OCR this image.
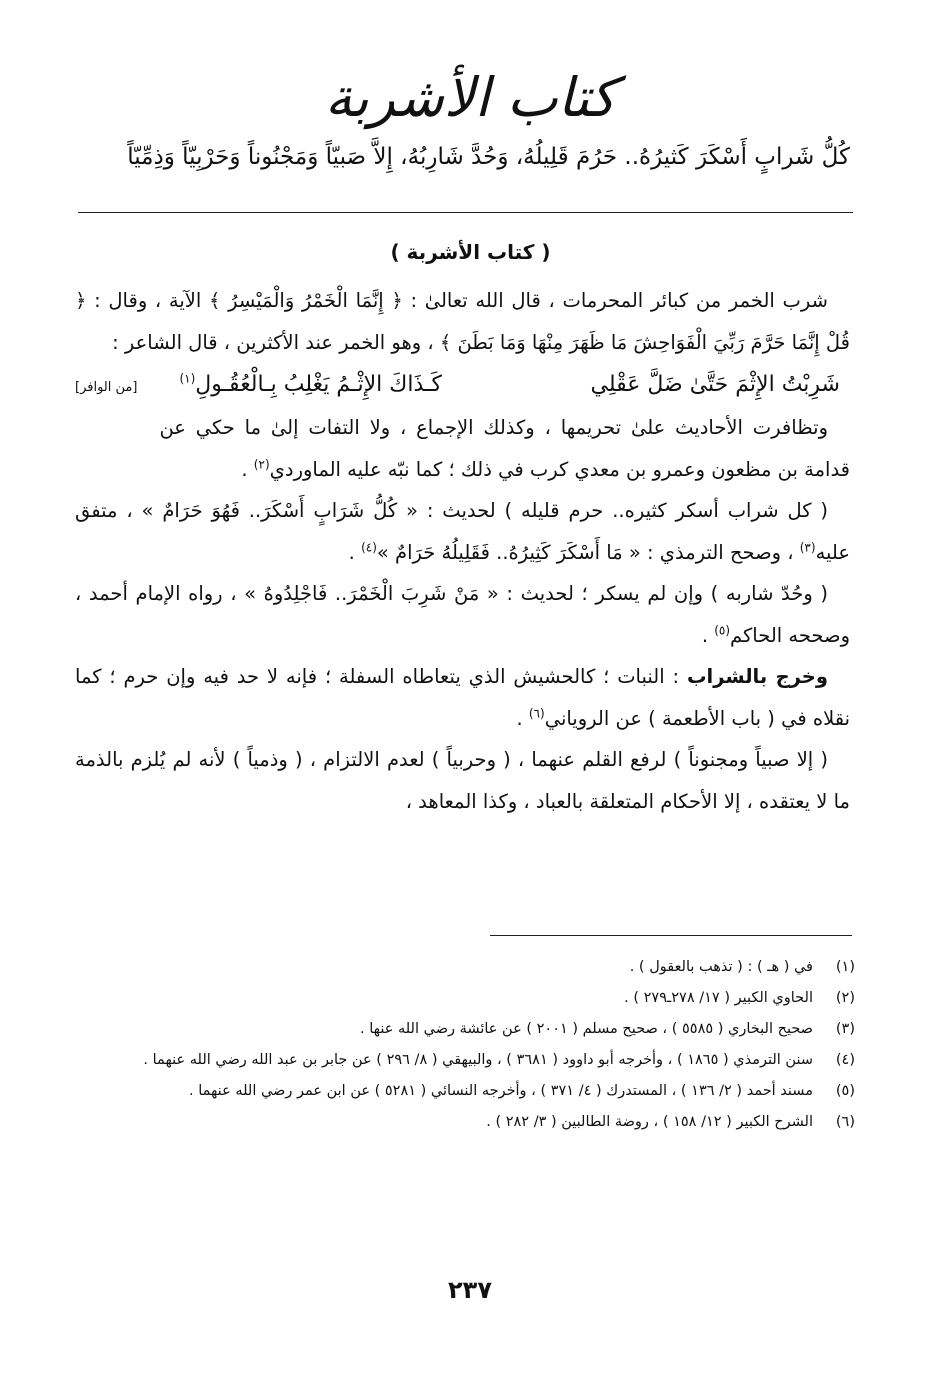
كتاب الأشربة
كُلُّ شَرابٍ أَسْكَرَ كَثيرُهُ.. حَرُمَ قَلِيلُهُ، وَحُدَّ شَارِبُهُ، إِلاَّ صَبيّاً وَمَجْنُوناً وَحَرْبِيّاً وَذِمِّيّاً
( كتاب الأشربة )

شرب الخمر من كبائر المحرمات ، قال الله تعالىٰ : ﴿ إِنَّمَا الْخَمْرُ وَالْمَيْسِرُ ﴾ الآية ، وقال : ﴿ قُلْ إِنَّمَا حَرَّمَ رَبِّيَ الْفَوَاحِشَ مَا ظَهَرَ مِنْهَا وَمَا بَطَنَ ﴾ ، وهو الخمر عند الأكثرين ، قال الشاعر :
[من الوافر]	شَرِبْتُ الإِثْمَ حَتَّىٰ ضَلَّ عَقْلِي
كَـذَاكَ الإِثْـمُ يَغْلِبُ بِـالْعُقُـولِ$^{(١)}$

وتظافرت الأحاديث علىٰ تحريمها ، وكذلك الإجماع ، ولا التفات إلىٰ ما حكي عن قدامة بن مظعون وعمرو بن معدي كرب في ذلك ؛ كما نبّه عليه الماوردي$^{(٢)}$ .

( كل شراب أسكر كثيره.. حرم قليله ) لحديث : « كُلُّ شَرَابٍ أَسْكَرَ.. فَهُوَ حَرَامٌ » ، متفق عليه$^{(٣)}$ ، وصحح الترمذي : « مَا أَسْكَرَ كَثِيرُهُ.. فَقَلِيلُهُ حَرَامٌ »$^{(٤)}$ .

( وحُدّ شاربه ) وإن لم يسكر ؛ لحديث : « مَنْ شَرِبَ الْخَمْرَ.. فَاجْلِدُوهُ » ، رواه الإمام أحمد ، وصححه الحاكم$^{(٥)}$ .

وخرج بالشراب : النبات ؛ كالحشيش الذي يتعاطاه السفلة ؛ فإنه لا حد فيه وإن حرم ؛ كما نقلاه في ( باب الأطعمة ) عن الروياني$^{(٦)}$ .

( إلا صبياً ومجنوناً ) لرفع القلم عنهما ، ( وحربياً ) لعدم الالتزام ، ( وذمياً ) لأنه لم يُلزم بالذمة ما لا يعتقده ، إلا الأحكام المتعلقة بالعباد ، وكذا المعاهد ،

(١)
في ( هـ ) : ( تذهب بالعقول ) .
(٢)
الحاوي الكبير ( ١٧/ ٢٧٨ـ٢٧٩ ) .
(٣)
صحيح البخاري ( ٥٥٨٥ ) ، صحيح مسلم ( ٢٠٠١ ) عن عائشة رضي الله عنها .
(٤)
سنن الترمذي ( ١٨٦٥ ) ، وأخرجه أبو داوود ( ٣٦٨١ ) ، والبيهقي ( ٨/ ٢٩٦ ) عن جابر بن عبد الله رضي الله عنهما .
(٥)
مسند أحمد ( ٢/ ١٣٦ ) ، المستدرك ( ٤/ ٣٧١ ) ، وأخرجه النسائي ( ٥٢٨١ ) عن ابن عمر رضي الله عنهما .
(٦)
الشرح الكبير ( ١٢/ ١٥٨ ) ، روضة الطالبين ( ٣/ ٢٨٢ ) .
٢٣٧
